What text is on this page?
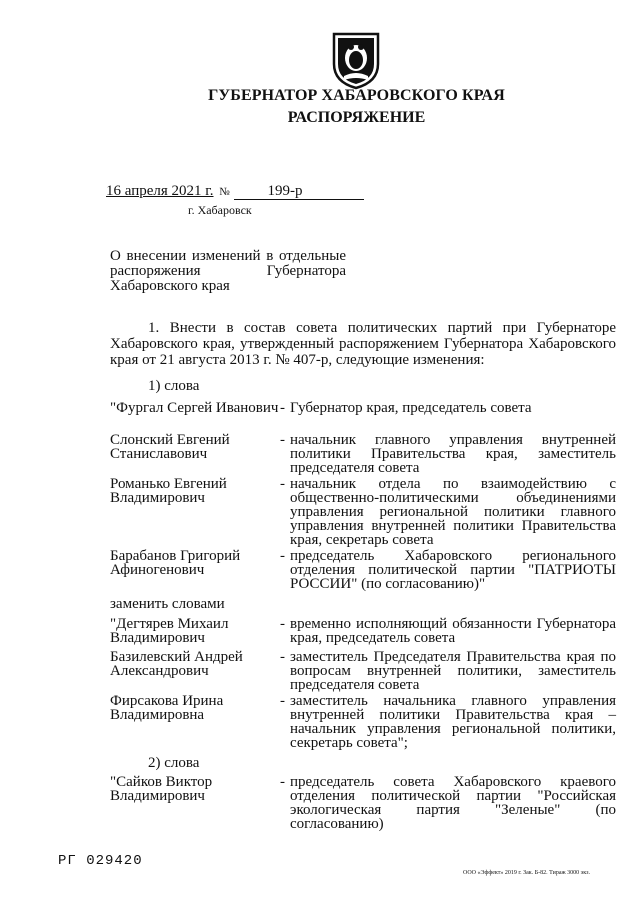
ГУБЕРНАТОР ХАБАРОВСКОГО КРАЯ
РАСПОРЯЖЕНИЕ
16 апреля 2021 г. №	199-р
г. Хабаровск
О внесении изменений в отдельные распоряжения Губернатора Хабаровского края
1. Внести в состав совета политических партий при Губернаторе Хабаровского края, утвержденный распоряжением Губернатора Хабаровского края от 21 августа 2013 г. № 407-р, следующие изменения:
1) слова
"Фургал Сергей Иванович - Губернатор края, председатель совета
Слонский Евгений Станиславович
- начальник главного управления внутренней политики Правительства края, заместитель председателя совета
Романько Евгений Владимирович
- начальник отдела по взаимодействию с общественно-политическими объединениями управления региональной политики главного управления внутренней политики Правительства края, секретарь совета
Барабанов Григорий Афиногенович
- председатель Хабаровского регионального отделения политической партии "ПАТРИОТЫ РОССИИ" (по согласованию)"
заменить словами
"Дегтярев Михаил Владимирович
- временно исполняющий обязанности Губернатора края, председатель совета
Базилевский Андрей Александрович
- заместитель Председателя Правительства края по вопросам внутренней политики, заместитель председателя совета
Фирсакова Ирина Владимировна
- заместитель начальника главного управления внутренней политики Правительства края – начальник управления региональной политики, секретарь совета";
2) слова
"Сайков Виктор Владимирович
- председатель совета Хабаровского краевого отделения политической партии "Российская экологическая партия "Зеленые" (по согласованию)
РГ 029420
ООО «Эффект» 2019 г. Зак. Б-82. Тираж 3000 экз.
